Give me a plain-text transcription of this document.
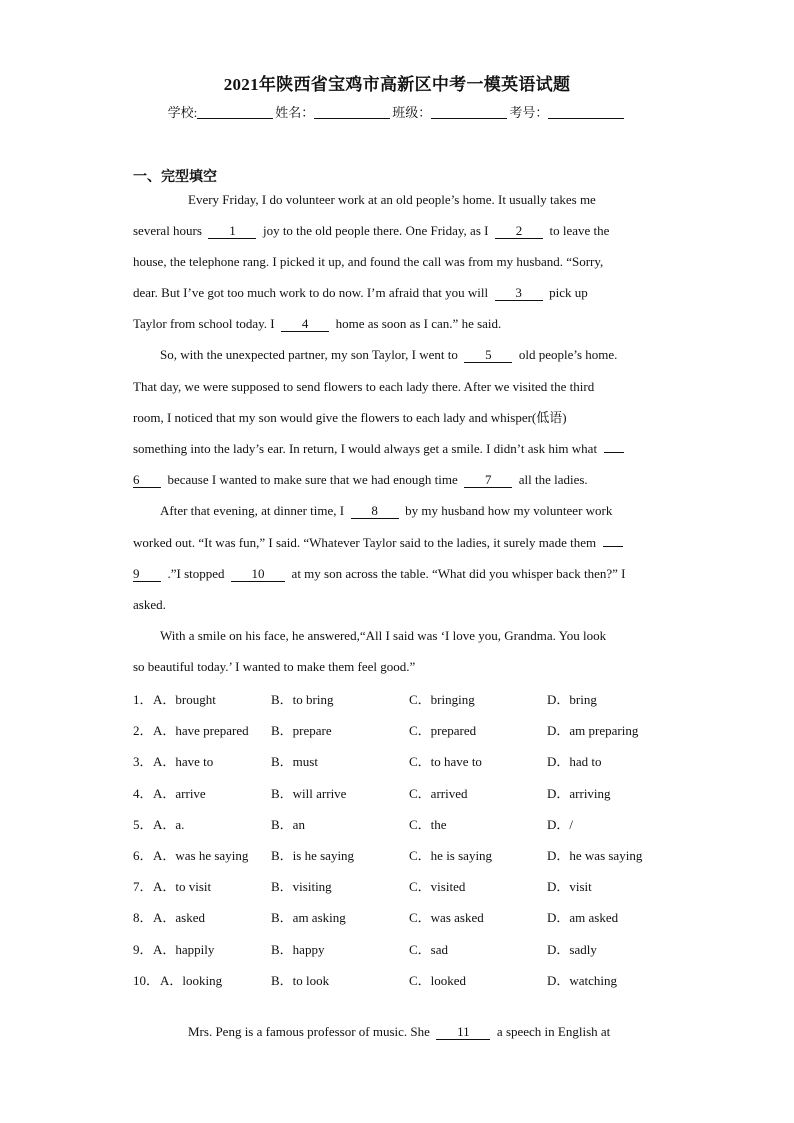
2021年陕西省宝鸡市高新区中考一模英语试题
学校:	姓名：	班级：	考号：
一、完型填空
Every Friday, I do volunteer work at an old people’s home. It usually takes me
several hours 1 joy to the old people there. One Friday, as I 2 to leave the
house, the telephone rang. I picked it up, and found the call was from my husband. “Sorry,
dear. But I’ve got too much work to do now. I’m afraid that you will 3 pick up
Taylor from school today. I 4 home as soon as I can.” he said.
So, with the unexpected partner, my son Taylor, I went to 5 old people’s home.
That day, we were supposed to send flowers to each lady there. After we visited the third
room, I noticed that my son would give the flowers to each lady and whisper(低语)
something into the lady’s ear. In return, I would always get a smile. I didn’t ask him what
6 because I wanted to make sure that we had enough time 7 all the ladies.
After that evening, at dinner time, I 8 by my husband how my volunteer work
worked out. “It was fun,” I said. “Whatever Taylor said to the ladies, it surely made them
9 .”I stopped 10 at my son across the table. “What did you whisper back then?” I
asked.
With a smile on his face, he answered,“All I said was ‘I love you, Grandma. You look
so beautiful today.’ I wanted to make them feel good.”
1． A．brought	B．to bring	C．bringing	D．bring
2． A．have prepared B．prepare	C．prepared	D．am preparing
3． A．have to	B．must	C．to have to	D．had to
4． A．arrive	B．will arrive	C．arrived	D．arriving
5． A．a.	B．an	C．the	D．/
6． A．was he saying B．is he saying	C．he is saying	D．he was saying
7． A．to visit	B．visiting	C．visited	D．visit
8． A．asked	B．am asking	C．was asked	D．am asked
9． A．happily	B．happy	C．sad	D．sadly
10． A．looking	B．to look	C．looked	D．watching
Mrs. Peng is a famous professor of music. She 11 a speech in English at
